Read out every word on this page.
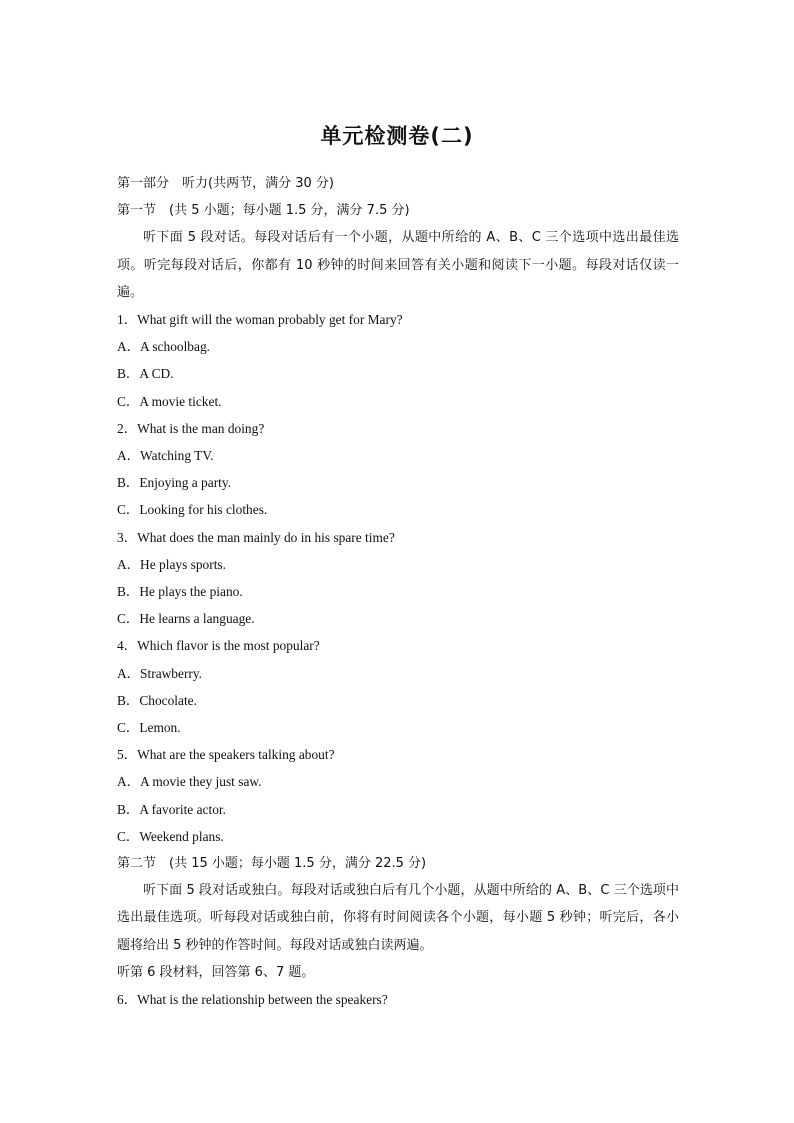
单元检测卷(二)
第一部分　听力(共两节，满分 30 分)
第一节　(共 5 小题；每小题 1.5 分，满分 7.5 分)
听下面 5 段对话。每段对话后有一个小题，从题中所给的 A、B、C 三个选项中选出最佳选项。听完每段对话后，你都有 10 秒钟的时间来回答有关小题和阅读下一小题。每段对话仅读一遍。
1．What gift will the woman probably get for Mary?
A．A schoolbag.
B．A CD.
C．A movie ticket.
2．What is the man doing?
A．Watching TV.
B．Enjoying a party.
C．Looking for his clothes.
3．What does the man mainly do in his spare time?
A．He plays sports.
B．He plays the piano.
C．He learns a language.
4．Which flavor is the most popular?
A．Strawberry.
B．Chocolate.
C．Lemon.
5．What are the speakers talking about?
A．A movie they just saw.
B．A favorite actor.
C．Weekend plans.
第二节　(共 15 小题；每小题 1.5 分，满分 22.5 分)
听下面 5 段对话或独白。每段对话或独白后有几个小题，从题中所给的 A、B、C 三个选项中选出最佳选项。听每段对话或独白前，你将有时间阅读各个小题，每小题 5 秒钟；听完后，各小题将给出 5 秒钟的作答时间。每段对话或独白读两遍。
听第 6 段材料，回答第 6、7 题。
6．What is the relationship between the speakers?
